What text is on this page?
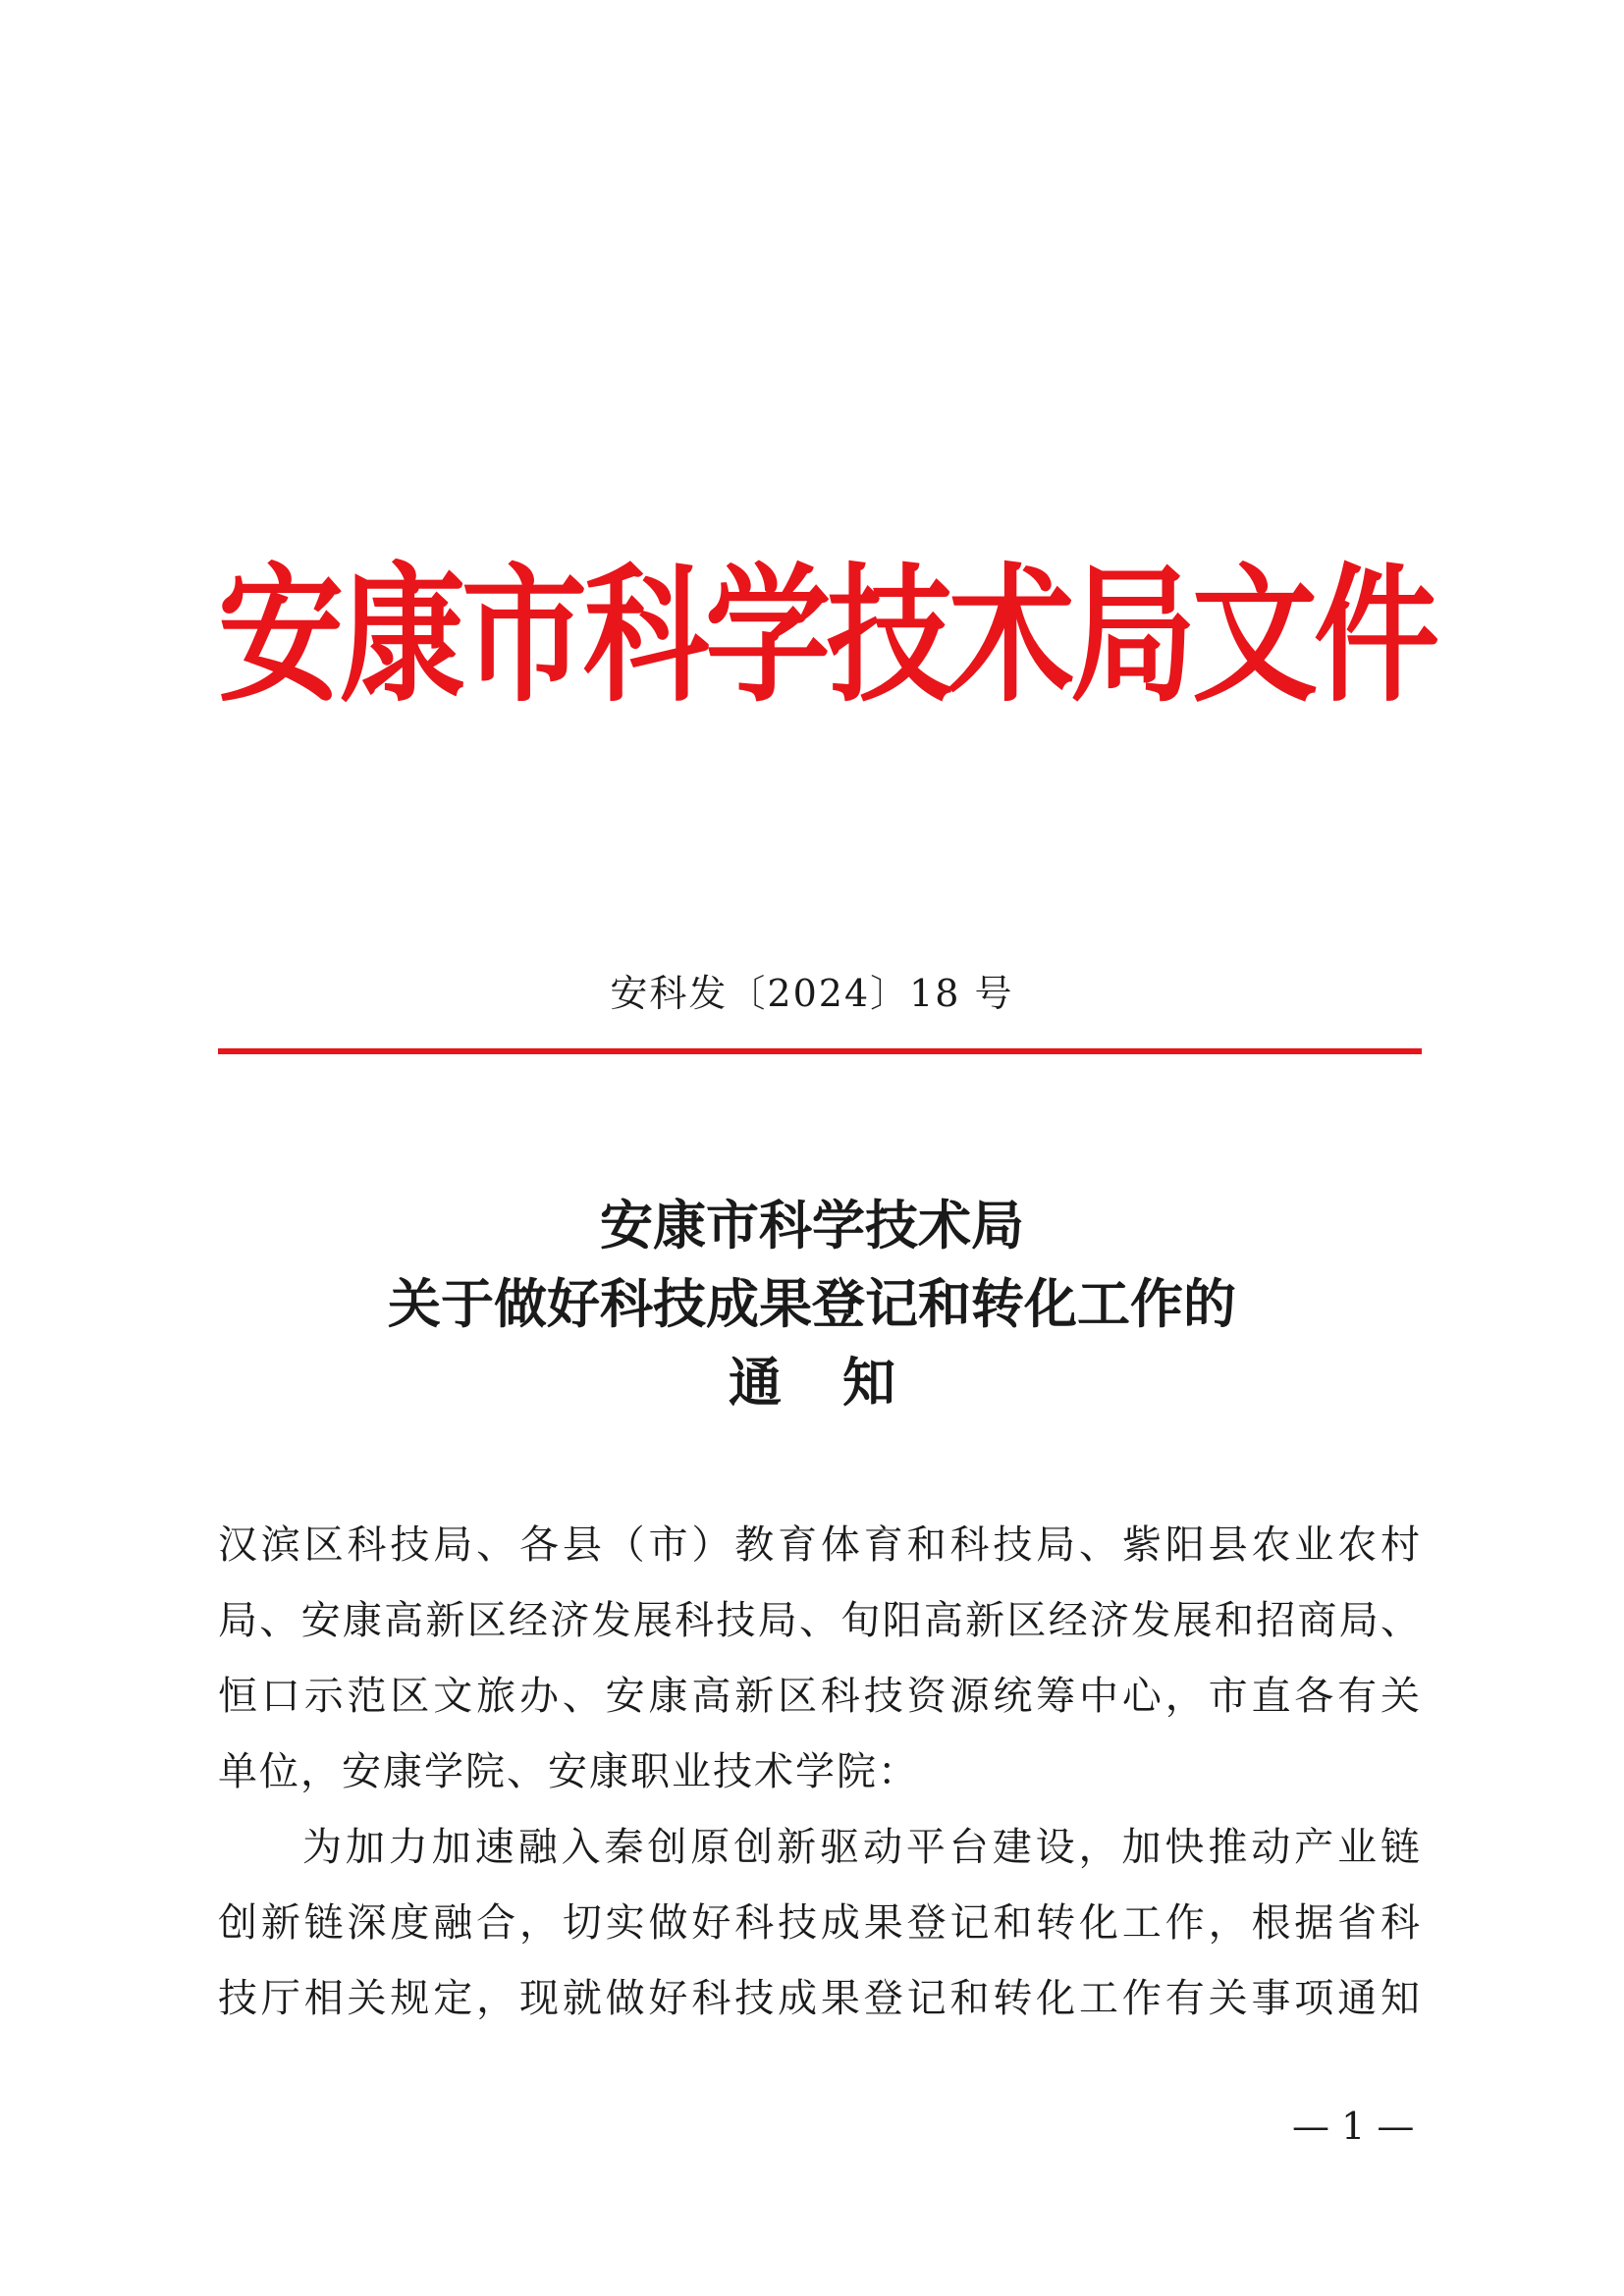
安康市科学技术局文件
安科发〔2024〕18 号
安康市科学技术局
关于做好科技成果登记和转化工作的
通知
汉滨区科技局、各县（市）教育体育和科技局、紫阳县农业农村
局、安康高新区经济发展科技局、旬阳高新区经济发展和招商局、
恒口示范区文旅办、安康高新区科技资源统筹中心，市直各有关
单位，安康学院、安康职业技术学院：
为加力加速融入秦创原创新驱动平台建设，加快推动产业链
创新链深度融合，切实做好科技成果登记和转化工作，根据省科
技厅相关规定，现就做好科技成果登记和转化工作有关事项通知
— 1 —
